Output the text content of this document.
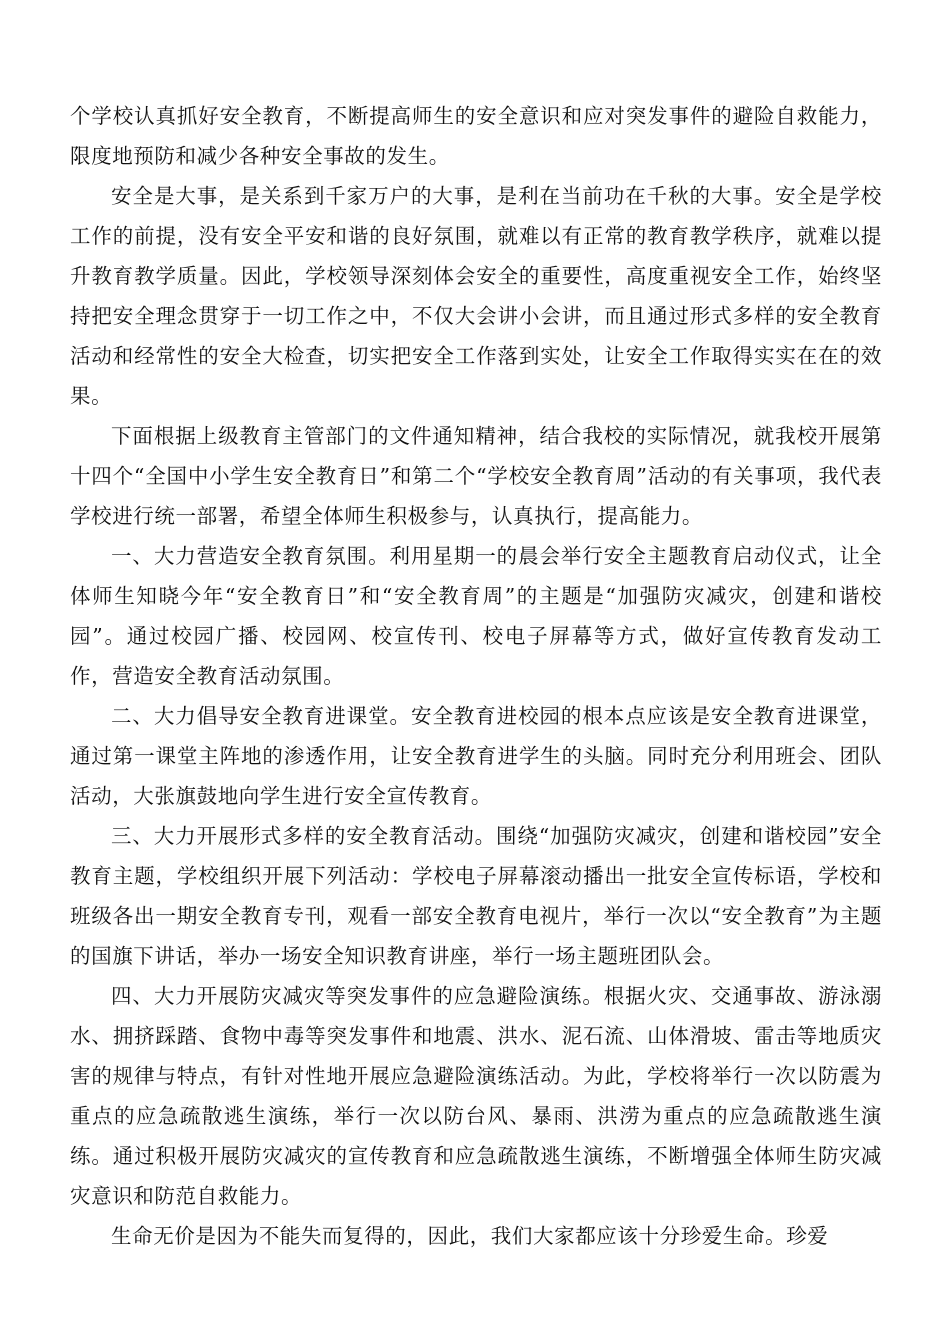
个学校认真抓好安全教育，不断提高师生的安全意识和应对突发事件的避险自救能力，限度地预防和减少各种安全事故的发生。

安全是大事，是关系到千家万户的大事，是利在当前功在千秋的大事。安全是学校工作的前提，没有安全平安和谐的良好氛围，就难以有正常的教育教学秩序，就难以提升教育教学质量。因此，学校领导深刻体会安全的重要性，高度重视安全工作，始终坚持把安全理念贯穿于一切工作之中，不仅大会讲小会讲，而且通过形式多样的安全教育活动和经常性的安全大检查，切实把安全工作落到实处，让安全工作取得实实在在的效果。

下面根据上级教育主管部门的文件通知精神，结合我校的实际情况，就我校开展第十四个“全国中小学生安全教育日”和第二个“学校安全教育周”活动的有关事项，我代表学校进行统一部署，希望全体师生积极参与，认真执行，提高能力。

一、大力营造安全教育氛围。利用星期一的晨会举行安全主题教育启动仪式，让全体师生知晓今年“安全教育日”和“安全教育周”的主题是“加强防灾减灾，创建和谐校园”。通过校园广播、校园网、校宣传刊、校电子屏幕等方式，做好宣传教育发动工作，营造安全教育活动氛围。

二、大力倡导安全教育进课堂。安全教育进校园的根本点应该是安全教育进课堂，通过第一课堂主阵地的渗透作用，让安全教育进学生的头脑。同时充分利用班会、团队活动，大张旗鼓地向学生进行安全宣传教育。

三、大力开展形式多样的安全教育活动。围绕“加强防灾减灾，创建和谐校园”安全教育主题，学校组织开展下列活动：学校电子屏幕滚动播出一批安全宣传标语，学校和班级各出一期安全教育专刊，观看一部安全教育电视片，举行一次以“安全教育”为主题的国旗下讲话，举办一场安全知识教育讲座，举行一场主题班团队会。

四、大力开展防灾减灾等突发事件的应急避险演练。根据火灾、交通事故、游泳溺水、拥挤踩踏、食物中毒等突发事件和地震、洪水、泥石流、山体滑坡、雷击等地质灾害的规律与特点，有针对性地开展应急避险演练活动。为此，学校将举行一次以防震为重点的应急疏散逃生演练，举行一次以防台风、暴雨、洪涝为重点的应急疏散逃生演练。通过积极开展防灾减灾的宣传教育和应急疏散逃生演练，不断增强全体师生防灾减灾意识和防范自救能力。

生命无价是因为不能失而复得的，因此，我们大家都应该十分珍爱生命。珍爱
